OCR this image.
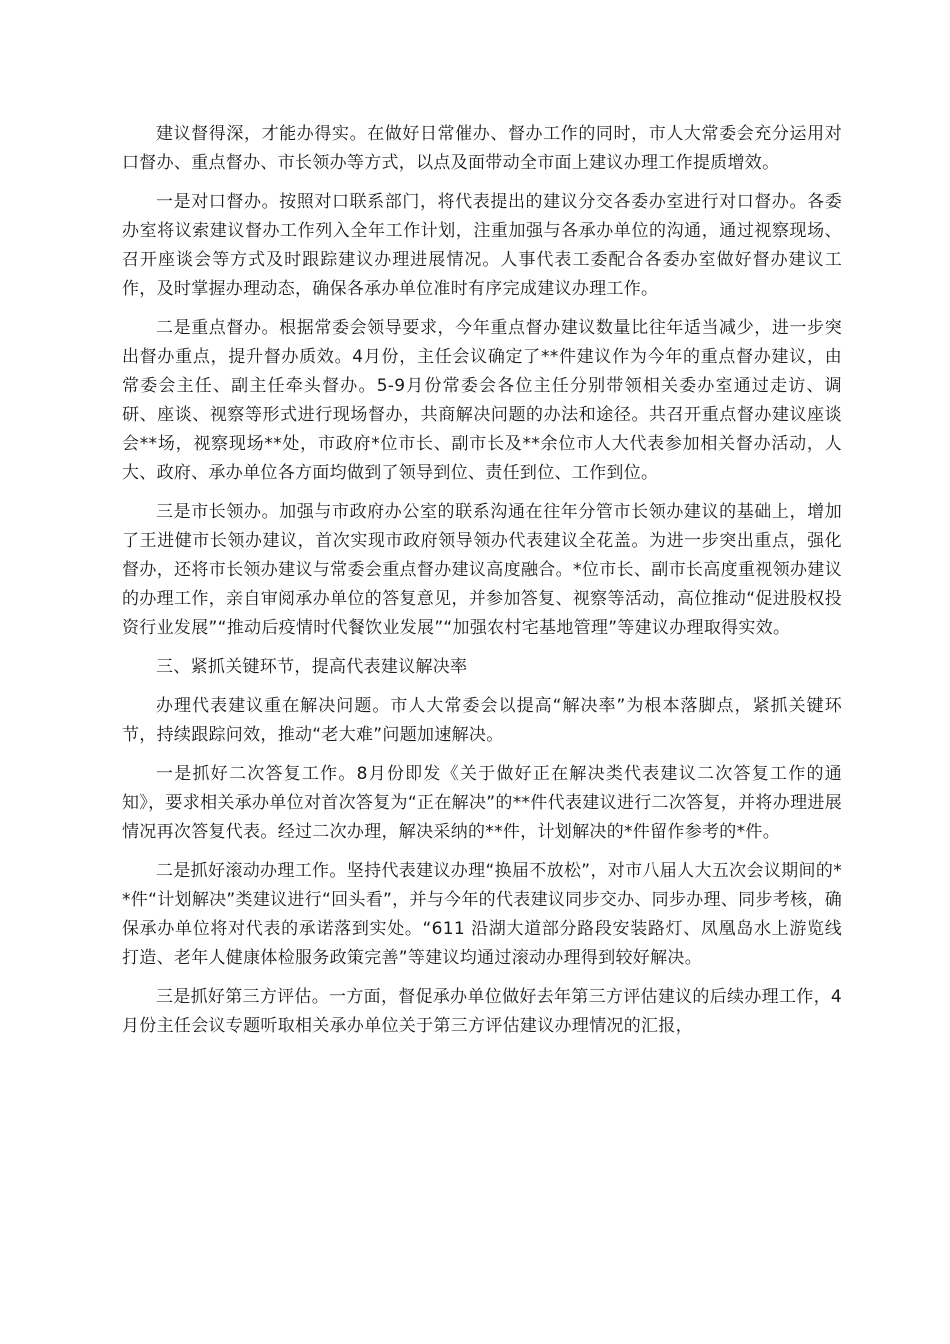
建议督得深，才能办得实。在做好日常催办、督办工作的同时，市人大常委会充分运用对口督办、重点督办、市长领办等方式，以点及面带动全市面上建议办理工作提质增效。

一是对口督办。按照对口联系部门，将代表提出的建议分交各委办室进行对口督办。各委办室将议索建议督办工作列入全年工作计划，注重加强与各承办单位的沟通，通过视察现场、召开座谈会等方式及时跟踪建议办理进展情况。人事代表工委配合各委办室做好督办建议工作，及时掌握办理动态，确保各承办单位准时有序完成建议办理工作。

二是重点督办。根据常委会领导要求，今年重点督办建议数量比往年适当减少，进一步突出督办重点，提升督办质效。4月份，主任会议确定了**件建议作为今年的重点督办建议，由常委会主任、副主任牵头督办。5-9月份常委会各位主任分别带领相关委办室通过走访、调研、座谈、视察等形式进行现场督办，共商解决问题的办法和途径。共召开重点督办建议座谈会**场，视察现场**处，市政府*位市长、副市长及**余位市人大代表参加相关督办活动，人大、政府、承办单位各方面均做到了领导到位、责任到位、工作到位。

三是市长领办。加强与市政府办公室的联系沟通在往年分管市长领办建议的基础上，增加了王进健市长领办建议，首次实现市政府领导领办代表建议全花盖。为进一步突出重点，强化督办，还将市长领办建议与常委会重点督办建议高度融合。*位市长、副市长高度重视领办建议的办理工作，亲自审阅承办单位的答复意见，并参加答复、视察等活动，高位推动“促进股权投资行业发展”“推动后疫情时代餐饮业发展”“加强农村宅基地管理”等建议办理取得实效。

三、紧抓关键环节，提高代表建议解决率

办理代表建议重在解决问题。市人大常委会以提高“解决率”为根本落脚点，紧抓关键环节，持续跟踪问效，推动“老大难”问题加速解决。

一是抓好二次答复工作。8月份即发《关于做好正在解决类代表建议二次答复工作的通知》，要求相关承办单位对首次答复为“正在解决”的**件代表建议进行二次答复，并将办理进展情况再次答复代表。经过二次办理，解决采纳的**件，计划解决的*件留作参考的*件。

二是抓好滚动办理工作。坚持代表建议办理“换届不放松”，对市八届人大五次会议期间的**件“计划解决”类建议进行“回头看”，并与今年的代表建议同步交办、同步办理、同步考核，确保承办单位将对代表的承诺落到实处。“611 沿湖大道部分路段安装路灯、凤凰岛水上游览线打造、老年人健康体检服务政策完善”等建议均通过滚动办理得到较好解决。

三是抓好第三方评估。一方面，督促承办单位做好去年第三方评估建议的后续办理工作，4月份主任会议专题听取相关承办单位关于第三方评估建议办理情况的汇报，
